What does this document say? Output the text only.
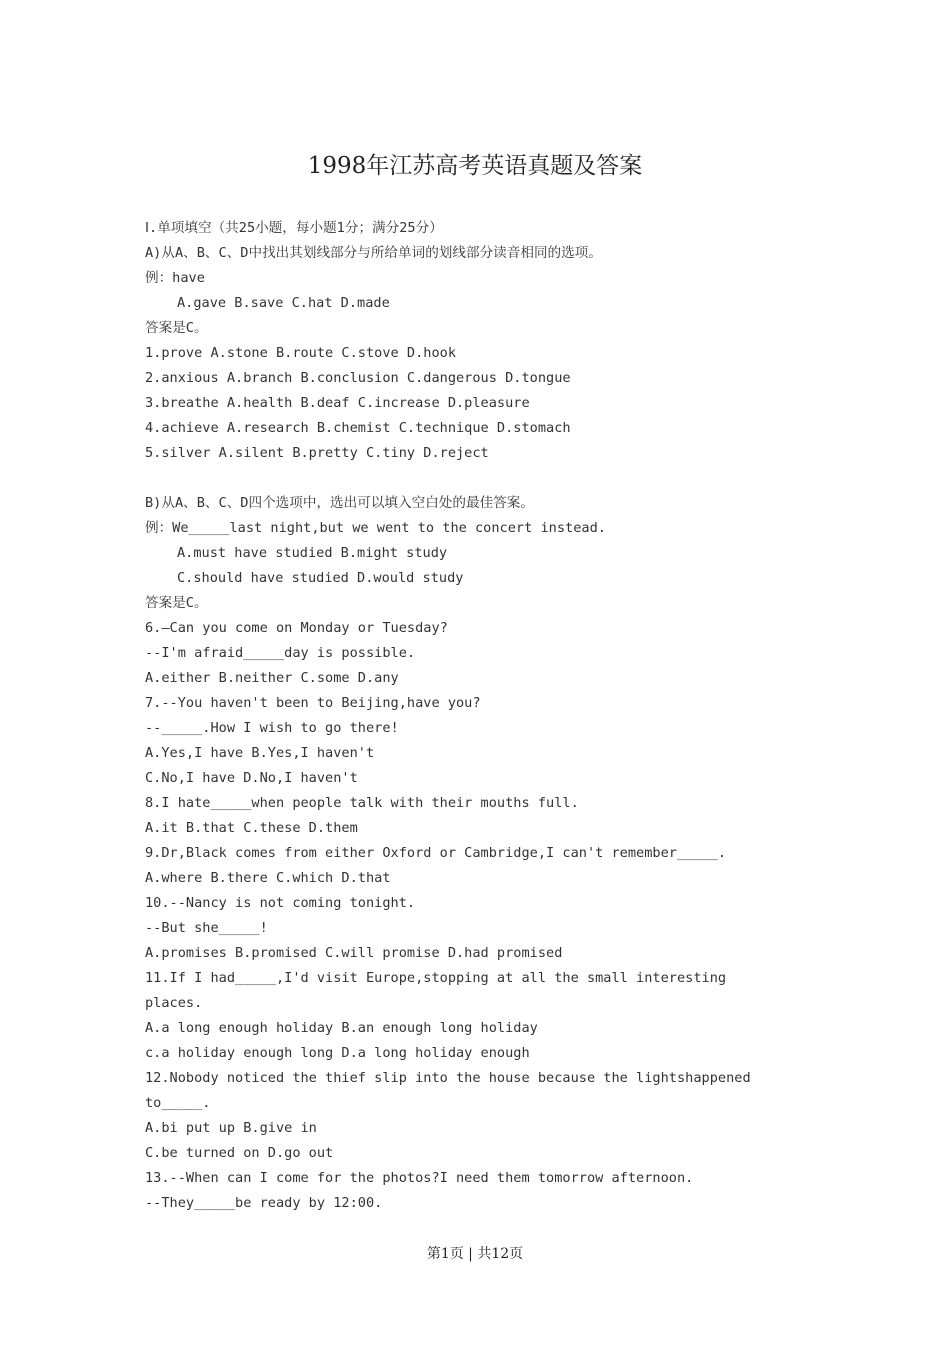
1998年江苏高考英语真题及答案
Ⅰ.单项填空（共25小题，每小题1分；满分25分）
A)从A、B、C、D中找出其划线部分与所给单词的划线部分读音相同的选项。
例：have
A.gave B.save C.hat D.made
答案是C。
1.prove A.stone B.route C.stove D.hook
2.anxious A.branch B.conclusion C.dangerous D.tongue
3.breathe A.health B.deaf C.increase D.pleasure
4.achieve A.research B.chemist C.technique D.stomach
5.silver A.silent B.pretty C.tiny D.reject
B)从A、B、C、D四个选项中，选出可以填入空白处的最佳答案。
例：We_____last night,but we went to the concert instead.
A.must have studied B.might study
C.should have studied D.would study
答案是C。
6.—Can you come on Monday or Tuesday?
--I'm afraid_____day is possible.
A.either B.neither C.some D.any
7.--You haven't been to Beijing,have you?
--_____.How I wish to go there!
A.Yes,I have B.Yes,I haven't
C.No,I have D.No,I haven't
8.I hate_____when people talk with their mouths full.
A.it B.that C.these D.them
9.Dr,Black comes from either Oxford or Cambridge,I can't remember_____.
A.where B.there C.which D.that
10.--Nancy is not coming tonight.
--But she_____!
A.promises B.promised C.will promise D.had promised
11.If I had_____,I'd visit Europe,stopping at all the small interesting
places.
A.a long enough holiday B.an enough long holiday
c.a holiday enough long D.a long holiday enough
12.Nobody noticed the thief slip into the house because the lightshappened
to_____.
A.bi put up B.give in
C.be turned on D.go out
13.--When can I come for the photos?I need them tomorrow afternoon.
--They_____be ready by 12:00.
第1页 | 共12页
